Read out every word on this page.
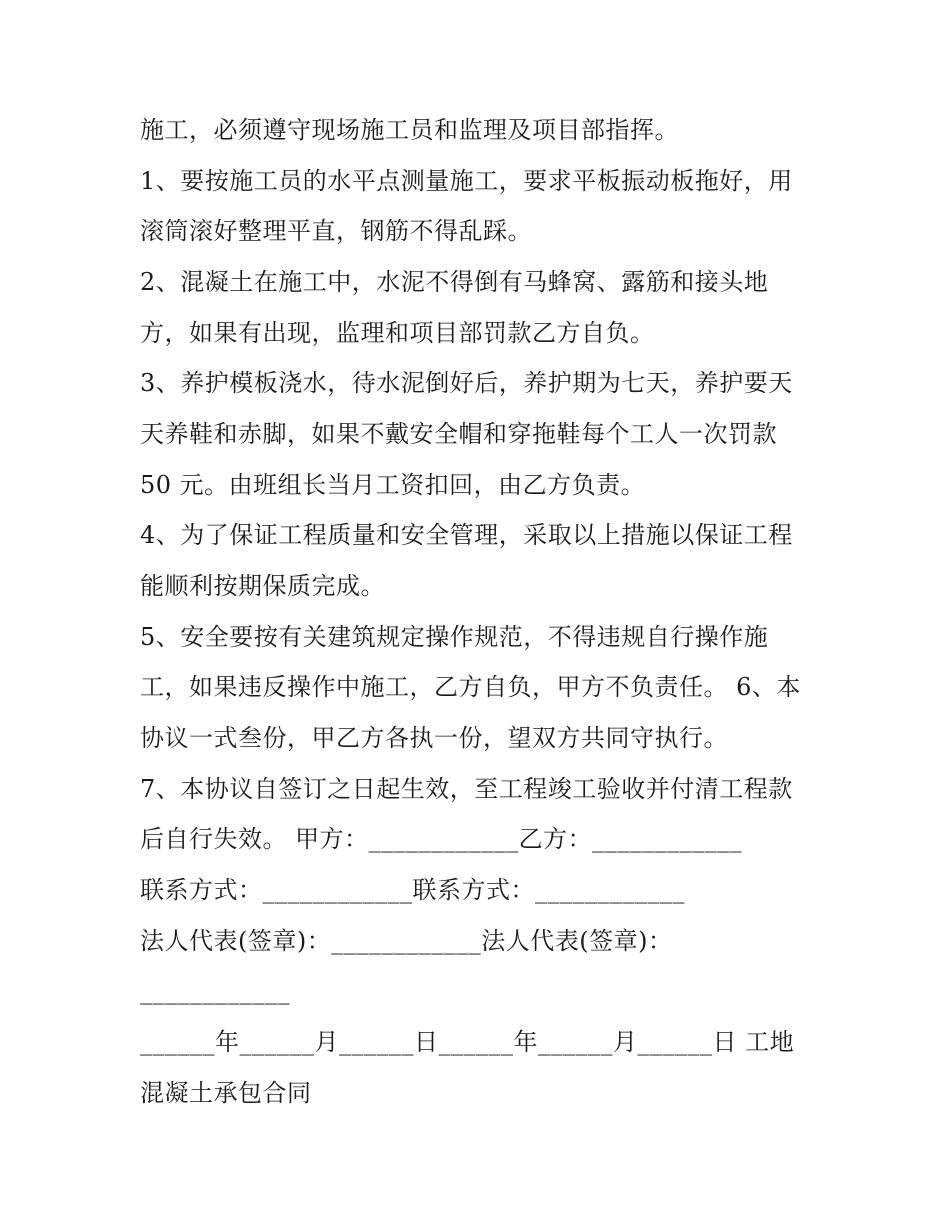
施工，必须遵守现场施工员和监理及项目部指挥。
1、要按施工员的水平点测量施工，要求平板振动板拖好，用
滚筒滚好整理平直，钢筋不得乱踩。
2、混凝土在施工中，水泥不得倒有马蜂窝、露筋和接头地
方，如果有出现，监理和项目部罚款乙方自负。
3、养护模板浇水，待水泥倒好后，养护期为七天，养护要天
天养鞋和赤脚，如果不戴安全帽和穿拖鞋每个工人一次罚款
50 元。由班组长当月工资扣回，由乙方负责。
4、为了保证工程质量和安全管理，采取以上措施以保证工程
能顺利按期保质完成。
5、安全要按有关建筑规定操作规范，不得违规自行操作施
工，如果违反操作中施工，乙方自负，甲方不负责任。 6、本
协议一式叁份，甲乙方各执一份，望双方共同守执行。
7、本协议自签订之日起生效，至工程竣工验收并付清工程款
后自行失效。 甲方：____________乙方：____________
联系方式：____________联系方式：____________
法人代表(签章)：____________法人代表(签章)：
____________
______年______月______日______年______月______日 工地
混凝土承包合同
